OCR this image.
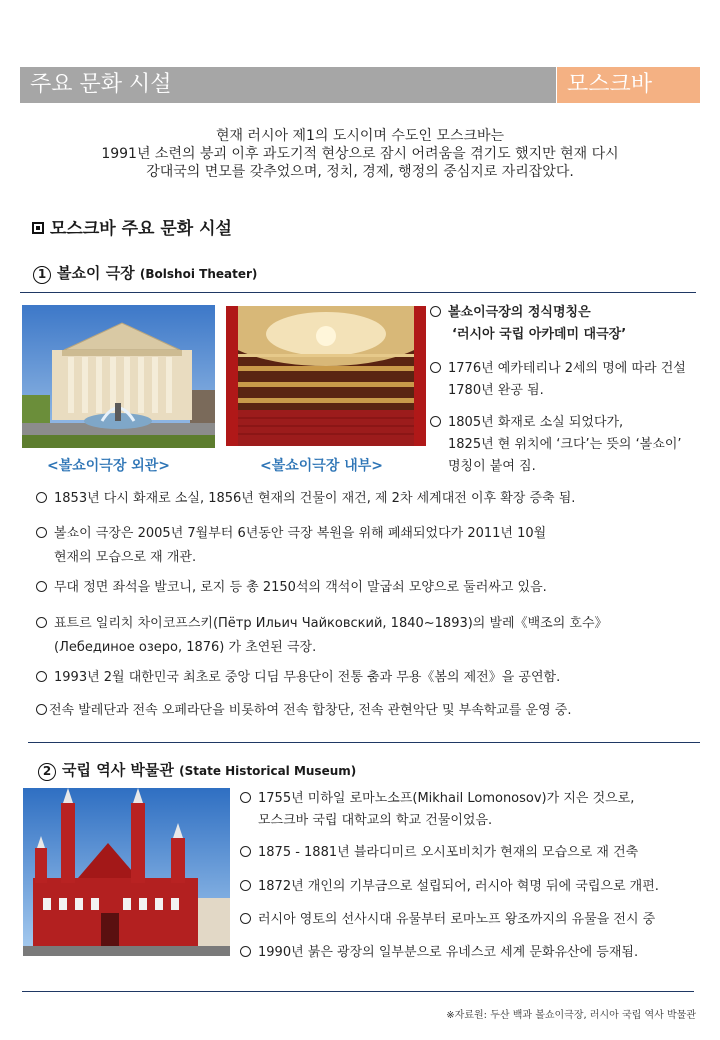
주요 문화 시설	모스크바
현재 러시아 제1의 도시이며 수도인 모스크바는
1991년 소련의 붕괴 이후 과도기적 현상으로 잠시 어려움을 겪기도 했지만 현재 다시
강대국의 면모를 갖추었으며, 정치, 경제, 행정의 중심지로 자리잡았다.
모스크바 주요 문화 시설
1 볼쇼이 극장 (Bolshoi Theater)
<볼쇼이극장 외관>	<볼쇼이극장 내부>
볼쇼이극장의 정식명칭은
‘러시아 국립 아카데미 대극장’
1776년 예카테리나 2세의 명에 따라 건설
1780년 완공 됨.
1805년 화재로 소실 되었다가,
1825년 현 위치에 ‘크다’는 뜻의 ‘볼쇼이’
명칭이 붙여 짐.
1853년 다시 화재로 소실, 1856년 현재의 건물이 재건, 제 2차 세계대전 이후 확장 증축 됨.
볼쇼이 극장은 2005년 7월부터 6년동안 극장 복원을 위해 폐쇄되었다가 2011년 10월
현재의 모습으로 재 개관.
무대 정면 좌석을 발코니, 로지 등 총 2150석의 객석이 말굽쇠 모양으로 둘러싸고 있음.
표트르 일리치 차이코프스키(Пётр Ильич Чайковский, 1840~1893)의 발레《백조의 호수》
(Лебединое озеро, 1876) 가 초연된 극장.
1993년 2월 대한민국 최초로 중앙 디딤 무용단이 전통 춤과 무용《봄의 제전》을 공연함.
전속 발레단과 전속 오페라단을 비롯하여 전속 합창단, 전속 관현악단 및 부속학교를 운영 중.
2 국립 역사 박물관 (State Historical Museum)
1755년 미하일 로마노소프(Mikhail Lomonosov)가 지은 것으로,
모스크바 국립 대학교의 학교 건물이었음.
1875 - 1881년 블라디미르 오시포비치가 현재의 모습으로 재 건축
1872년 개인의 기부금으로 설립되어, 러시아 혁명 뒤에 국립으로 개편.
러시아 영토의 선사시대 유물부터 로마노프 왕조까지의 유물을 전시 중
1990년 붉은 광장의 일부분으로 유네스코 세계 문화유산에 등재됨.
※자료원: 두산 백과 볼쇼이극장, 러시아 국립 역사 박물관
